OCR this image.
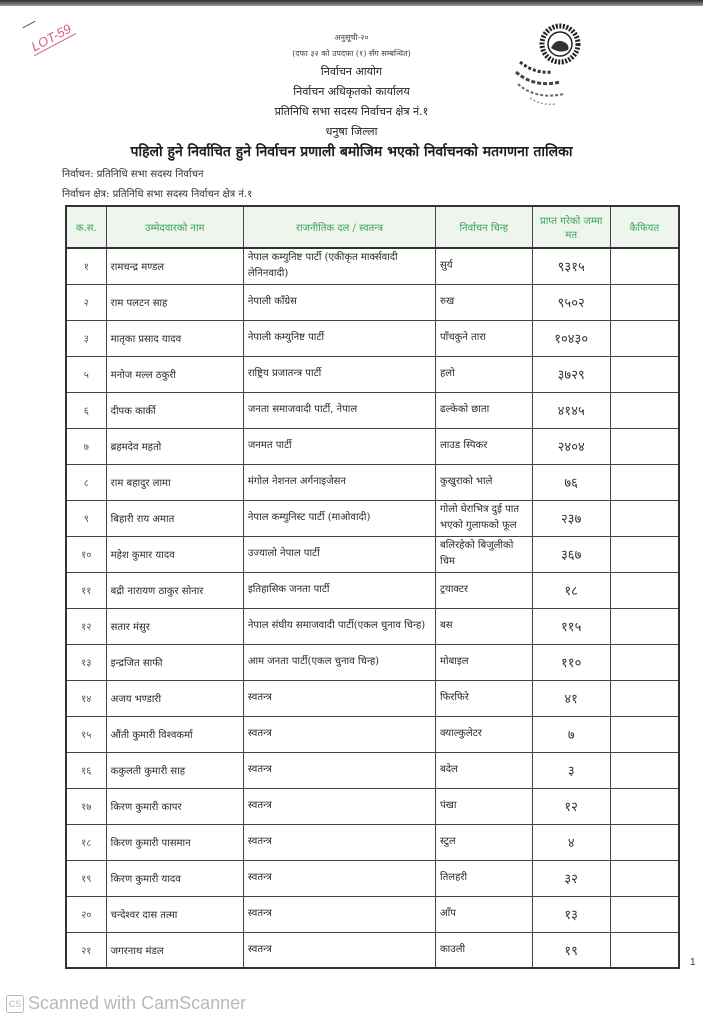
LOT-59	अनुसूची-२०
(दफा ३२ को उपदफा (१) सँग सम्बन्धित)
निर्वाचन आयोग
निर्वाचन अधिकृतको कार्यालय
प्रतिनिधि सभा सदस्य निर्वाचन क्षेत्र नं.१
धनुषा जिल्ला
पहिलो हुने निर्वाचित हुने निर्वाचन प्रणाली बमोजिम भएको निर्वाचनको मतगणना तालिका
निर्वाचन: प्रतिनिधि सभा सदस्य निर्वाचन
निर्वाचन क्षेत्र: प्रतिनिधि सभा सदस्य निर्वाचन क्षेत्र नं.१
क.स.	उम्मेदवारको नाम	राजनीतिक दल / स्वतन्त्र	निर्वाचन चिन्ह	प्राप्त गरेको जम्मा मत	कैफियत
१	रामचन्द्र मण्डल	नेपाल कम्युनिष्ट पार्टी (एकीकृत मार्क्सवादी लेनिनवादी)	सुर्य	९३१५	
२	राम पलटन साह	नेपाली काँग्रेस	रुख	९५०२	
३	मातृका प्रसाद यादव	नेपाली कम्युनिष्ट पार्टी	पाँचकुने तारा	१०४३०	
५	मनोज मल्ल ठकुरी	राष्ट्रिय प्रजातन्त्र पार्टी	हलो	३७२९	
६	दीपक कार्की	जनता समाजवादी पार्टी, नेपाल	ढल्केको छाता	४१४५	
७	ब्रहमदेव महतो	जनमत पार्टी	लाउड स्पिकर	२४०४	
८	राम बहादुर लामा	मंगोल नेशनल अर्गनाइजेसन	कुखुराको भाले	७६	
९	बिहारी राय अमात	नेपाल कम्युनिस्ट पार्टी (माओवादी)	गोलो घेराभित्र दुई पात भएको गुलाफको फूल	२३७	
१०	महेश कुमार यादव	उज्यालो नेपाल पार्टी	बलिरहेको बिजुलीको चिम	३६७	
११	बद्री नारायण ठाकुर सोनार	इतिहासिक जनता पार्टी	ट्रयाक्टर	१८	
१२	सतार मंसुर	नेपाल संघीय समाजवादी पार्टी(एकल चुनाव चिन्ह)	बस	११५	
१३	इन्द्रजित साफी	आम जनता पार्टी(एकल चुनाव चिन्ह)	मोबाइल	११०	
१४	अजय भण्डारी	स्वतन्त्र	फिरफिरे	४१	
१५	औंती कुमारी विश्वकर्मा	स्वतन्त्र	क्याल्कुलेटर	७	
१६	ककुलती कुमारी साह	स्वतन्त्र	बदेल	३	
१७	किरण कुमारी कापर	स्वतन्त्र	पंखा	१२	
१८	किरण कुमारी पासमान	स्वतन्त्र	स्टुल	४	
१९	किरण कुमारी यादव	स्वतन्त्र	तिलहरी	३२	
२०	चन्देश्वर दास तत्मा	स्वतन्त्र	आँप	१३	
२१	जगरनाथ मंडल	स्वतन्त्र	काउली	१९	
1
CS Scanned with CamScanner
